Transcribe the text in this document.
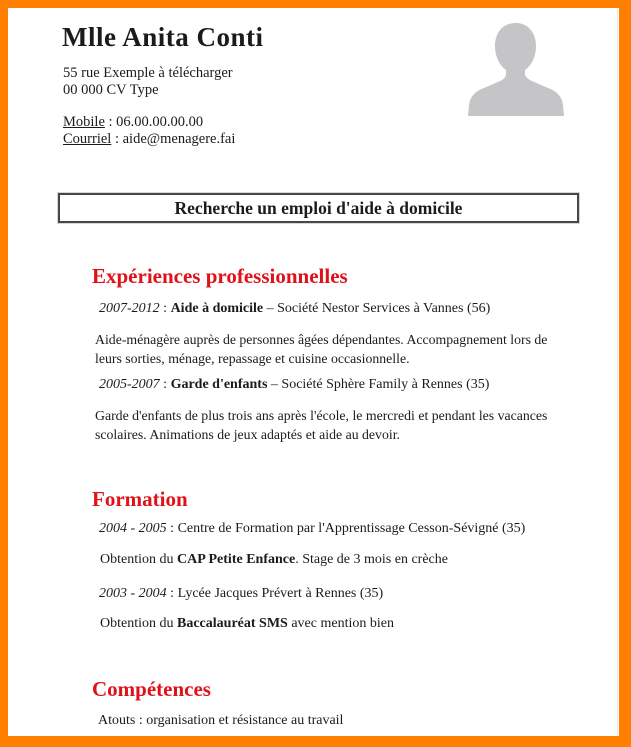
Mlle Anita Conti
55 rue Exemple à télécharger
00 000 CV Type
Mobile : 06.00.00.00.00
Courriel : aide@menagere.fai
Recherche un emploi d'aide à domicile
Expériences professionnelles
2007-2012 : Aide à domicile – Société Nestor Services à Vannes (56)

Aide-ménagère auprès de personnes âgées dépendantes. Accompagnement lors de leurs sorties, ménage, repassage et cuisine occasionnelle.

2005-2007 : Garde d'enfants – Société Sphère Family à Rennes (35)

Garde d'enfants de plus trois ans après l'école, le mercredi et pendant les vacances scolaires. Animations de jeux adaptés et aide au devoir.

Formation
2004 - 2005 : Centre de Formation par l'Apprentissage Cesson-Sévigné (35)
Obtention du CAP Petite Enfance. Stage de 3 mois en crèche
2003 - 2004 : Lycée Jacques Prévert à Rennes (35)
Obtention du Baccalauréat SMS avec mention bien
Compétences
Atouts : organisation et résistance au travail
